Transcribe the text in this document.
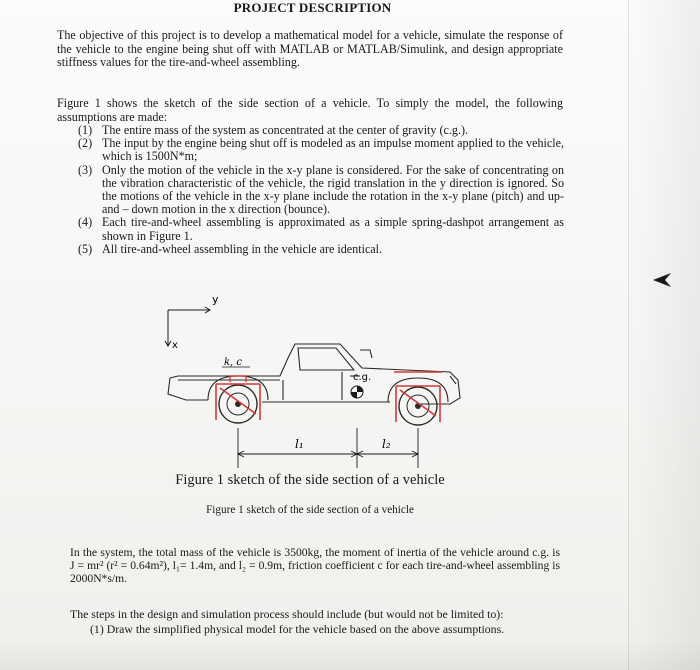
PROJECT DESCRIPTION
The objective of this project is to develop a mathematical model for a vehicle, simulate the response of the vehicle to the engine being shut off with MATLAB or MATLAB/Simulink, and design appropriate stiffness values for the tire-and-wheel assembling.
Figure 1 shows the sketch of the side section of a vehicle. To simply the model, the following assumptions are made:
(1) The entire mass of the system as concentrated at the center of gravity (c.g.).
(2) The input by the engine being shut off is modeled as an impulse moment applied to the vehicle, which is 1500N*m;
(3) Only the motion of the vehicle in the x-y plane is considered. For the sake of concentrating on the vibration characteristic of the vehicle, the rigid translation in the y direction is ignored. So the motions of the vehicle in the x-y plane include the rotation in the x-y plane (pitch) and up-and – down motion in the x direction (bounce).
(4) Each tire-and-wheel assembling is approximated as a simple spring-dashpot arrangement as shown in Figure 1.
(5) All tire-and-wheel assembling in the vehicle are identical.
y
x
c.g.
k, c
l₁	l₂
Figure 1 sketch of the side section of a vehicle
Figure 1 sketch of the side section of a vehicle
In the system, the total mass of the vehicle is 3500kg, the moment of inertia of the vehicle around c.g. is J = mr² (r² = 0.64m²), l₁= 1.4m, and l₂ = 0.9m, friction coefficient c for each tire-and-wheel assembling is 2000N*s/m.
The steps in the design and simulation process should include (but would not be limited to):
(1) Draw the simplified physical model for the vehicle based on the above assumptions.
